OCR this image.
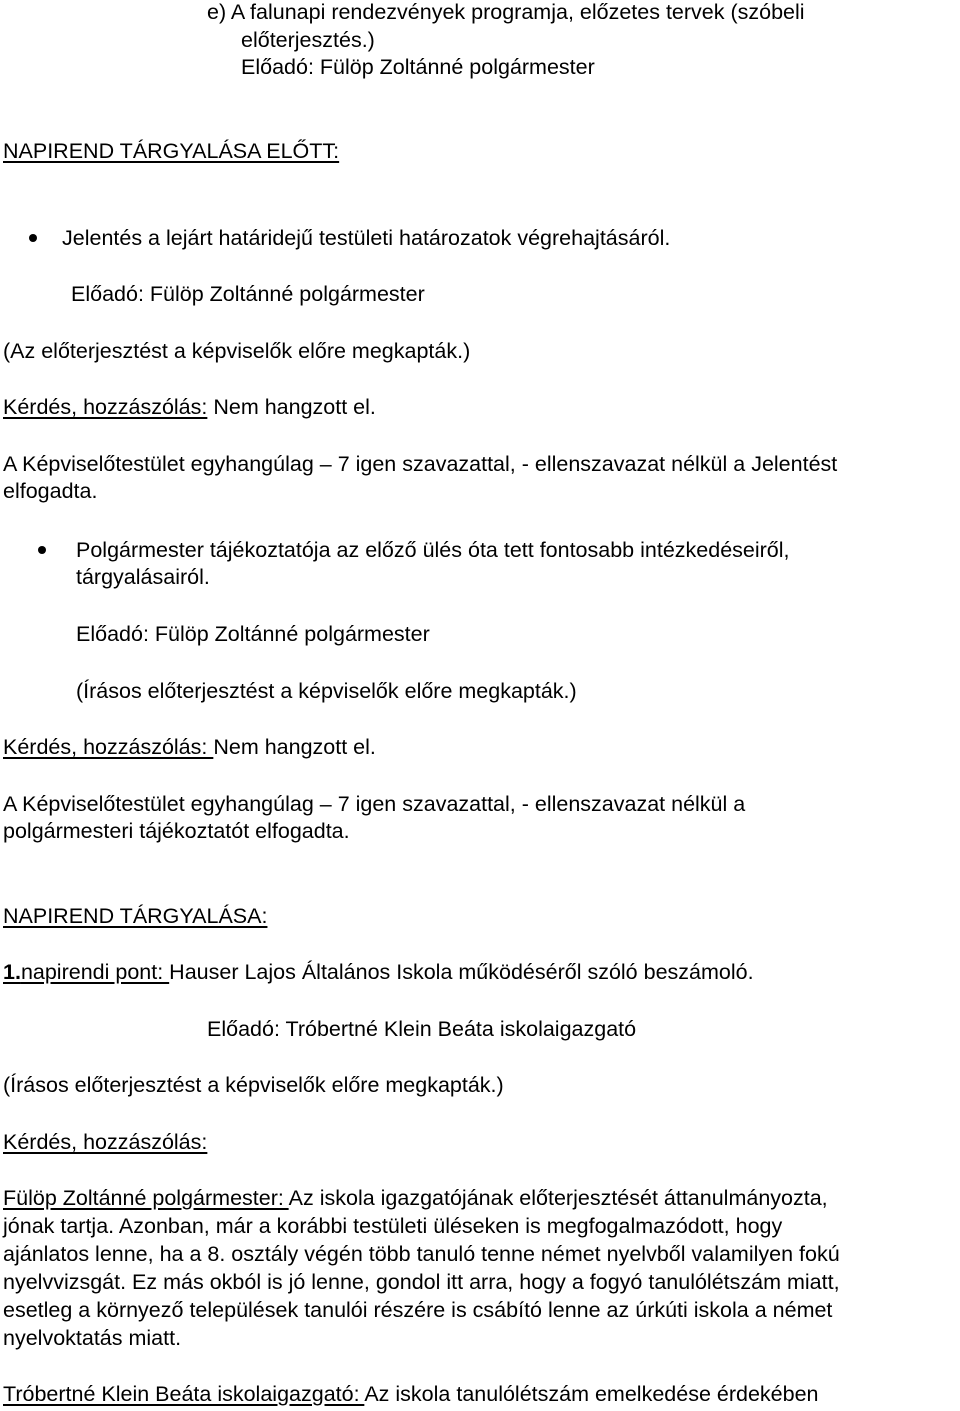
e) A falunapi rendezvények programja, előzetes tervek (szóbeli
előterjesztés.)
Előadó: Fülöp Zoltánné polgármester
NAPIREND TÁRGYALÁSA ELŐTT:
Jelentés a lejárt határidejű testületi határozatok végrehajtásáról.
Előadó: Fülöp Zoltánné polgármester
(Az előterjesztést a képviselők előre megkapták.)
Kérdés, hozzászólás: Nem hangzott el.
A Képviselőtestület egyhangúlag – 7 igen szavazattal, - ellenszavazat nélkül a Jelentést
elfogadta.
Polgármester tájékoztatója az előző ülés óta tett fontosabb intézkedéseiről,
tárgyalásairól.
Előadó: Fülöp Zoltánné polgármester
(Írásos előterjesztést a képviselők előre megkapták.)
Kérdés, hozzászólás: Nem hangzott el.
A Képviselőtestület egyhangúlag – 7 igen szavazattal, - ellenszavazat nélkül a
polgármesteri tájékoztatót elfogadta.
NAPIREND TÁRGYALÁSA:
1.napirendi pont: Hauser Lajos Általános Iskola működéséről szóló beszámoló.
Előadó: Tróbertné Klein Beáta iskolaigazgató
(Írásos előterjesztést a képviselők előre megkapták.)
Kérdés, hozzászólás:
Fülöp Zoltánné polgármester: Az iskola igazgatójának előterjesztését áttanulmányozta,
jónak tartja. Azonban, már a korábbi testületi üléseken is megfogalmazódott, hogy
ajánlatos lenne, ha a 8. osztály végén több tanuló tenne német nyelvből valamilyen fokú
nyelvvizsgát. Ez más okból is jó lenne, gondol itt arra, hogy a fogyó tanulólétszám miatt,
esetleg a környező települések tanulói részére is csábító lenne az úrkúti iskola a német
nyelvoktatás miatt.
Tróbertné Klein Beáta iskolaigazgató: Az iskola tanulólétszám emelkedése érdekében
